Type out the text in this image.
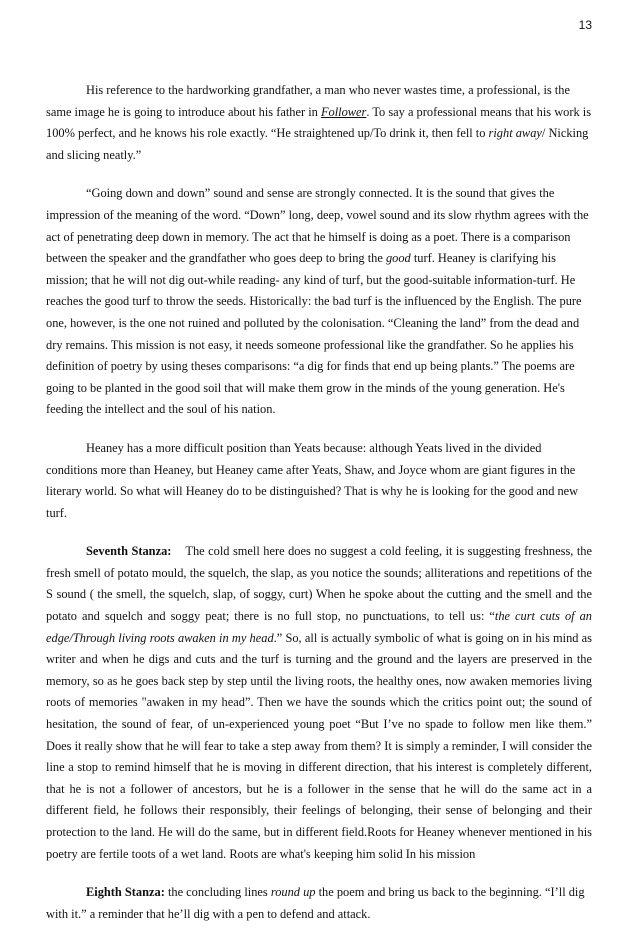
13

His reference to the hardworking grandfather, a man who never wastes time, a professional, is the same image he is going to introduce about his father in Follower. To say a professional means that his work is 100% perfect, and he knows his role exactly. “He straightened up/To drink it, then fell to right away/ Nicking and slicing neatly.”

“Going down and down” sound and sense are strongly connected. It is the sound that gives the impression of the meaning of the word. “Down” long, deep, vowel sound and its slow rhythm agrees with the act of penetrating deep down in memory. The act that he himself is doing as a poet. There is a comparison between the speaker and the grandfather who goes deep to bring the good turf. Heaney is clarifying his mission; that he will not dig out-while reading- any kind of turf, but the good-suitable information-turf. He reaches the good turf to throw the seeds. Historically: the bad turf is the influenced by the English. The pure one, however, is the one not ruined and polluted by the colonisation. “Cleaning the land” from the dead and dry remains. This mission is not easy, it needs someone professional like the grandfather. So he applies his definition of poetry by using theses comparisons: “a dig for finds that end up being plants.” The poems are going to be planted in the good soil that will make them grow in the minds of the young generation. He's feeding the intellect and the soul of his nation.

Heaney has a more difficult position than Yeats because: although Yeats lived in the divided conditions more than Heaney, but Heaney came after Yeats, Shaw, and Joyce whom are giant figures in the literary world. So what will Heaney do to be distinguished? That is why he is looking for the good and new turf.

Seventh Stanza: The cold smell here does no suggest a cold feeling, it is suggesting freshness, the fresh smell of potato mould, the squelch, the slap, as you notice the sounds; alliterations and repetitions of the S sound ( the smell, the squelch, slap, of soggy, curt) When he spoke about the cutting and the smell and the potato and squelch and soggy peat; there is no full stop, no punctuations, to tell us: “the curt cuts of an edge/Through living roots awaken in my head.” So, all is actually symbolic of what is going on in his mind as writer and when he digs and cuts and the turf is turning and the ground and the layers are preserved in the memory, so as he goes back step by step until the living roots, the healthy ones, now awaken memories living roots of memories "awaken in my head”. Then we have the sounds which the critics point out; the sound of hesitation, the sound of fear, of un-experienced young poet “But I’ve no spade to follow men like them.” Does it really show that he will fear to take a step away from them? It is simply a reminder, I will consider the line a stop to remind himself that he is moving in different direction, that his interest is completely different, that he is not a follower of ancestors, but he is a follower in the sense that he will do the same act in a different field, he follows their responsibly, their feelings of belonging, their sense of belonging and their protection to the land. He will do the same, but in different field.Roots for Heaney whenever mentioned in his poetry are fertile toots of a wet land. Roots are what's keeping him solid In his mission

Eighth Stanza: the concluding lines round up the poem and bring us back to the beginning. “I’ll dig with it.” a reminder that he’ll dig with a pen to defend and attack.
